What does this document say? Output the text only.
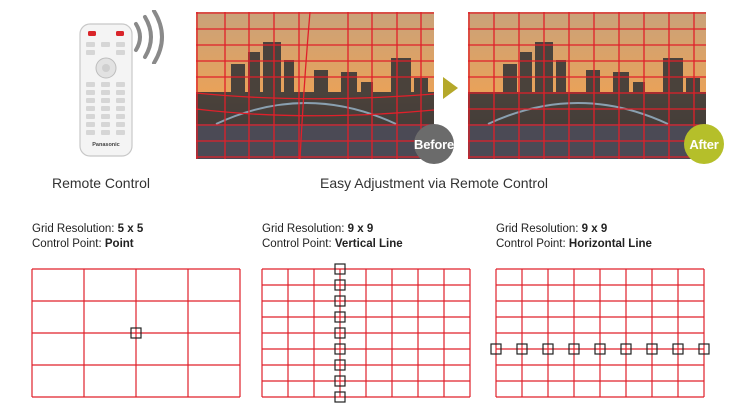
Panasonic	Before	After
Remote Control	Easy Adjustment via Remote Control
Grid Resolution: 5 x 5
Control Point: Point
Grid Resolution: 9 x 9
Control Point: Vertical Line
Grid Resolution: 9 x 9
Control Point: Horizontal Line
